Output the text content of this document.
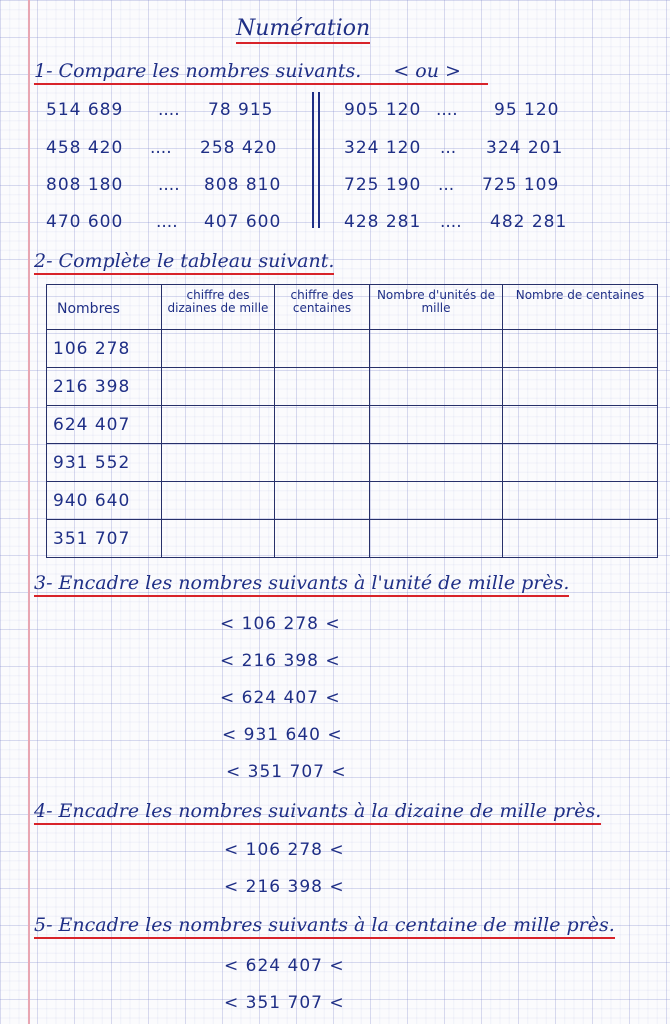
Numération
1- Compare les nombres suivants. < ou >
514 689 .... 78 915
458 420 .... 258 420
808 180 .... 808 810
470 600 .... 407 600
905 120 .... 95 120
324 120 ... 324 201
725 190 ... 725 109
428 281 .... 482 281
2- Complète le tableau suivant.
Nombres	chiffre des dizaines de mille	chiffre des centaines	Nombre d'unités de mille	Nombre de centaines
106 278				
216 398				
624 407				
931 552				
940 640				
351 707				
3- Encadre les nombres suivants à l'unité de mille près.
< 106 278 <
< 216 398 <
< 624 407 <
< 931 640 <
< 351 707 <
4- Encadre les nombres suivants à la dizaine de mille près.
< 106 278 <
< 216 398 <
5- Encadre les nombres suivants à la centaine de mille près.
< 624 407 <
< 351 707 <
